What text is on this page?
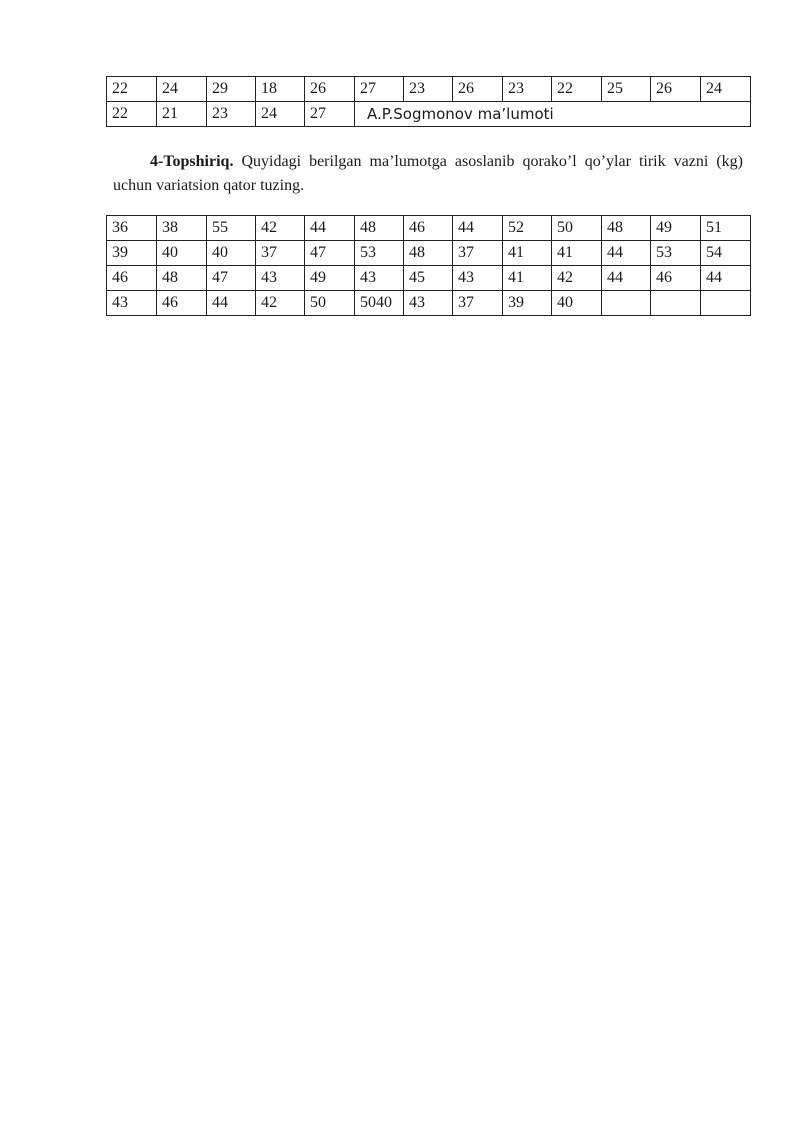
22	24	29	18	26	27	23	26	23	22	25	26	24
22	21	23	24	27	A.P.Sogmonov ma’lumoti							
4-Topshiriq. Quyidagi berilgan ma’lumotga asoslanib qorako’l qo’ylar tirik vazni (kg) uchun variatsion qator tuzing.
36	38	55	42	44	48	46	44	52	50	48	49	51
39	40	40	37	47	53	48	37	41	41	44	53	54
46	48	47	43	49	43	45	43	41	42	44	46	44
43	46	44	42	50	5040	43	37	39	40			
